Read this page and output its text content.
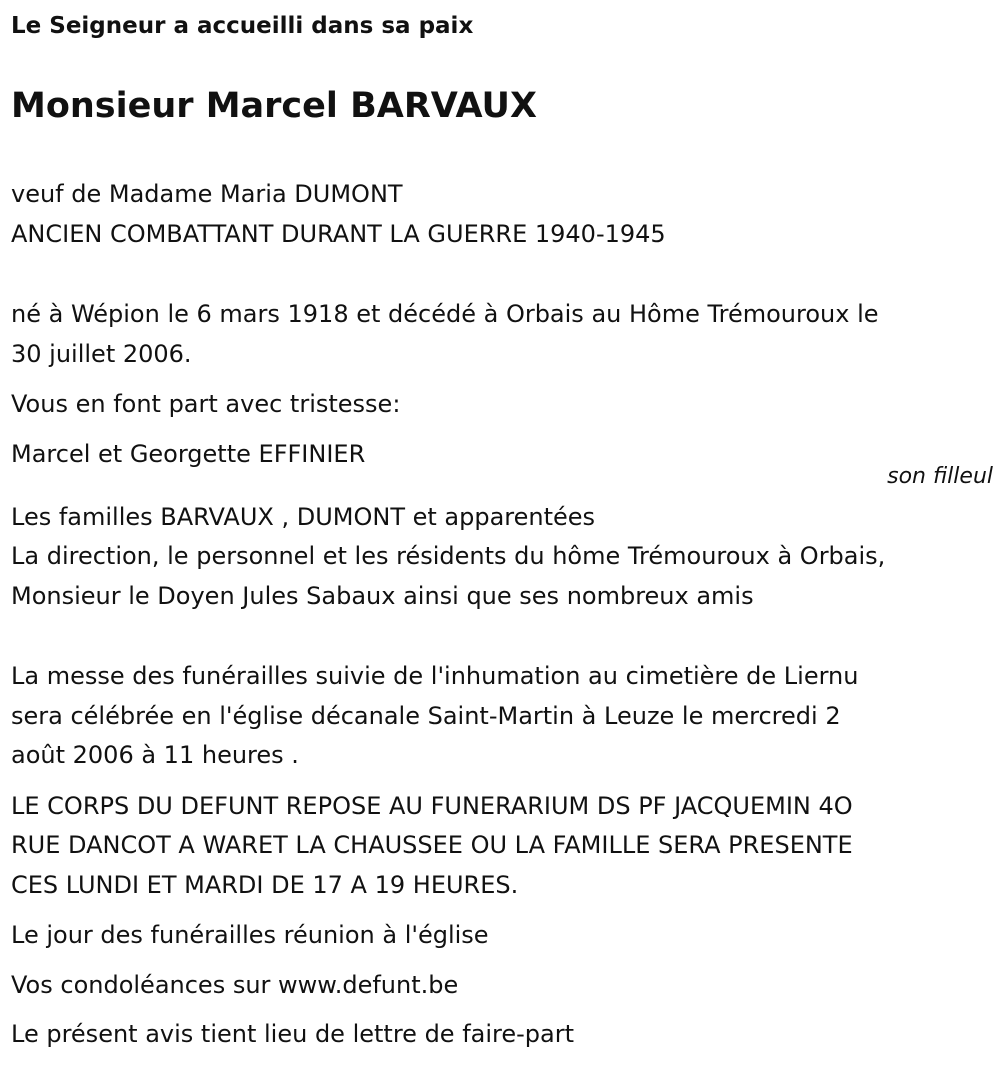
Le Seigneur a accueilli dans sa paix
Monsieur Marcel BARVAUX
veuf de Madame Maria DUMONT
ANCIEN COMBATTANT DURANT LA GUERRE 1940-1945
né à Wépion le 6 mars 1918 et décédé à Orbais au Hôme Trémouroux le
30 juillet 2006.
Vous en font part avec tristesse:
Marcel et Georgette EFFINIER
son filleul
Les familles BARVAUX , DUMONT et apparentées
La direction, le personnel et les résidents du hôme Trémouroux à Orbais,
Monsieur le Doyen Jules Sabaux ainsi que ses nombreux amis
La messe des funérailles suivie de l'inhumation au cimetière de Liernu
sera célébrée en l'église décanale Saint-Martin à Leuze le mercredi 2
août 2006 à 11 heures .
LE CORPS DU DEFUNT REPOSE AU FUNERARIUM DS PF JACQUEMIN 4O
RUE DANCOT A WARET LA CHAUSSEE OU LA FAMILLE SERA PRESENTE
CES LUNDI ET MARDI DE 17 A 19 HEURES.
Le jour des funérailles réunion à l'église
Vos condoléances sur www.defunt.be
Le présent avis tient lieu de lettre de faire-part
